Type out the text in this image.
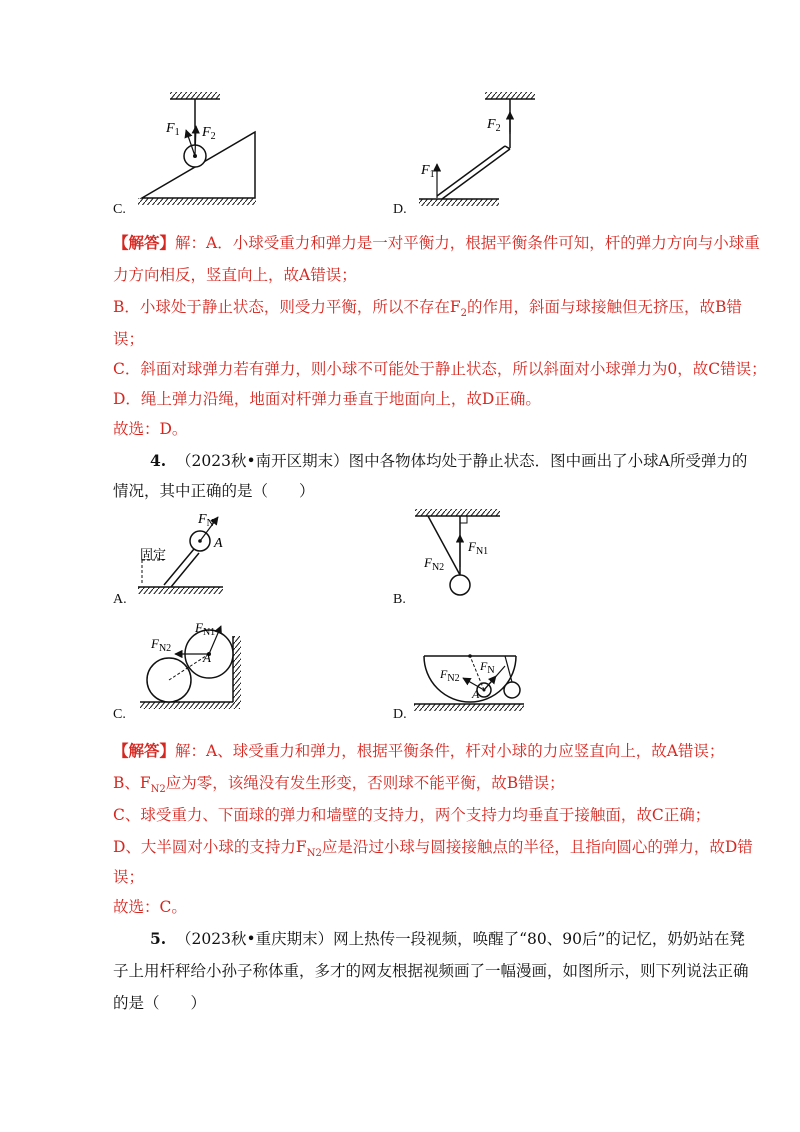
$F_1$ $F_2$
C.
$F_2$
$F_1$
D.
【解答】解：A．小球受重力和弹力是一对平衡力，根据平衡条件可知，杆的弹力方向与小球重
力方向相反，竖直向上，故A错误；
B．小球处于静止状态，则受力平衡，所以不存在$F_2$的作用，斜面与球接触但无挤压，故B错
误；
C．斜面对球弹力若有弹力，则小球不可能处于静止状态，所以斜面对小球弹力为0，故C错误；
D．绳上弹力沿绳，地面对杆弹力垂直于地面向上，故D正确。
故选：D。
4. （2023秋•南开区期末）图中各物体均处于静止状态．图中画出了小球A所受弹力的
情况，其中正确的是（　　）
$F_N$
A
固定
A.
$F_{N1}$
$F_{N2}$
B.
$F_{N1}$
$F_{N2}$
A
C.
$F_N$
$F_{N2}$
A
D.
【解答】解：A、球受重力和弹力，根据平衡条件，杆对小球的力应竖直向上，故A错误；
B、$F_{N2}$应为零，该绳没有发生形变，否则球不能平衡，故B错误；
C、球受重力、下面球的弹力和墙壁的支持力，两个支持力均垂直于接触面，故C正确；
D、大半圆对小球的支持力$F_{N2}$应是沿过小球与圆接接触点的半径，且指向圆心的弹力，故D错
误；
故选：C。
5. （2023秋•重庆期末）网上热传一段视频，唤醒了“80、90后”的记忆，奶奶站在凳
子上用杆秤给小孙子称体重，多才的网友根据视频画了一幅漫画，如图所示，则下列说法正确
的是（　　）
